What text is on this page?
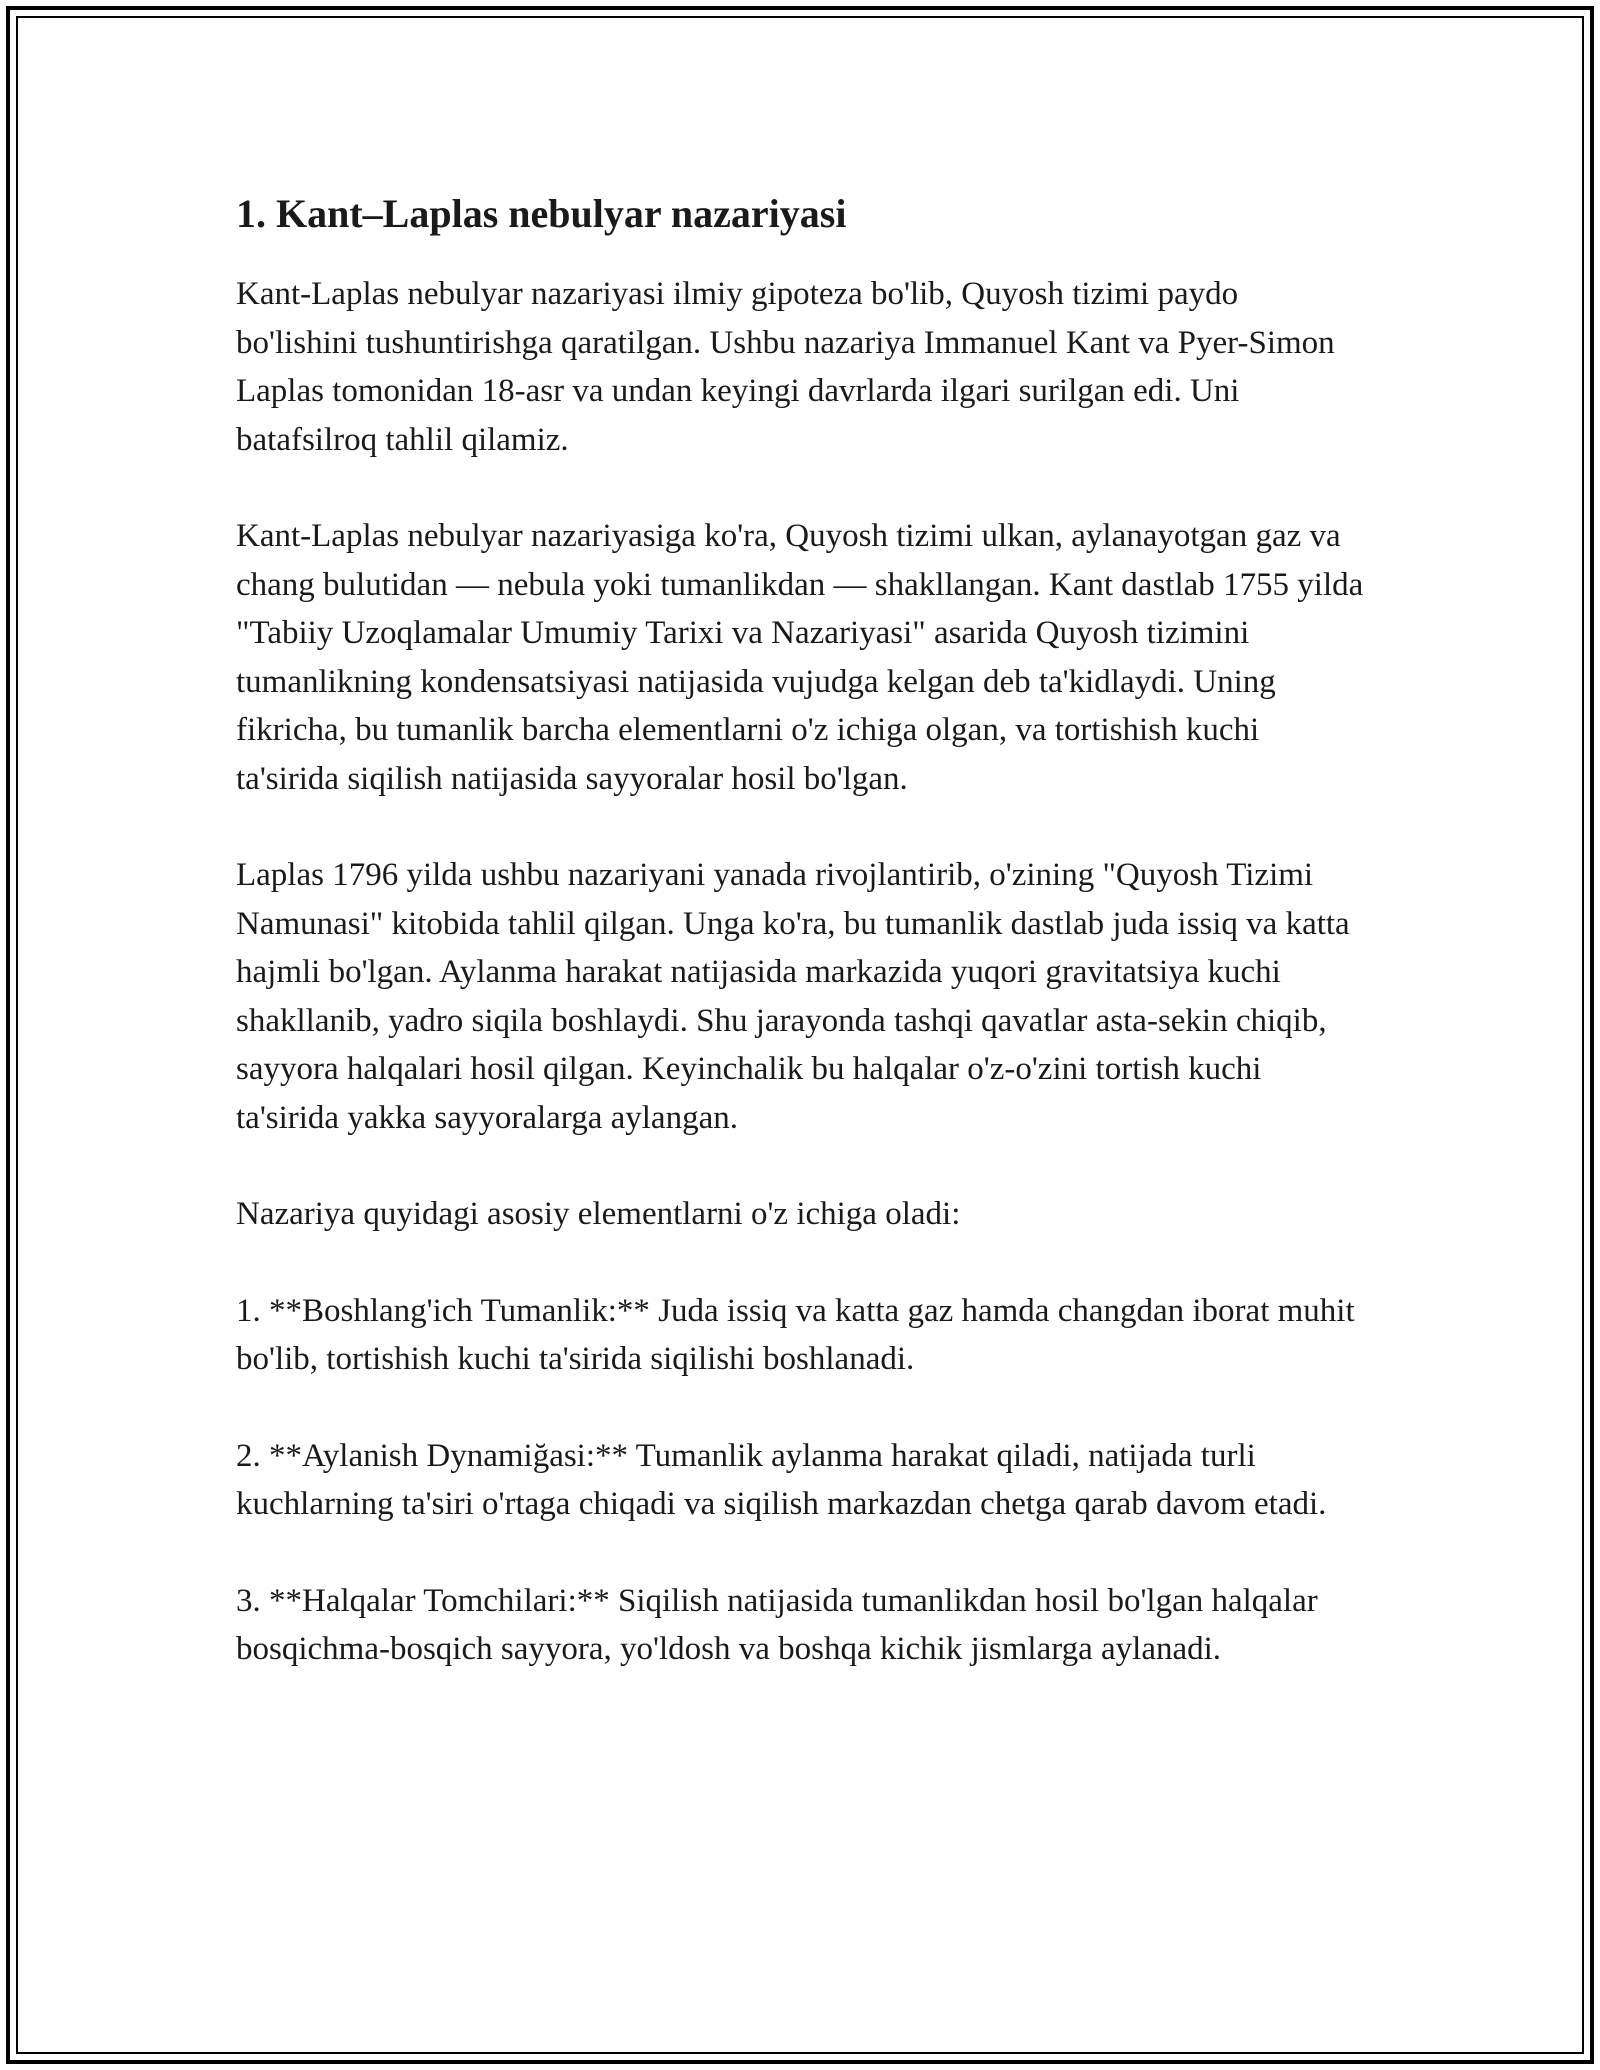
1. Kant–Laplas nebulyar nazariyasi

Kant-Laplas nebulyar nazariyasi ilmiy gipoteza bo'lib, Quyosh tizimi paydo bo'lishini tushuntirishga qaratilgan. Ushbu nazariya Immanuel Kant va Pyer-Simon Laplas tomonidan 18-asr va undan keyingi davrlarda ilgari surilgan edi. Uni batafsilroq tahlil qilamiz.

Kant-Laplas nebulyar nazariyasiga ko'ra, Quyosh tizimi ulkan, aylanayotgan gaz va chang bulutidan — nebula yoki tumanlikdan — shakllangan. Kant dastlab 1755 yilda "Tabiiy Uzoqlamalar Umumiy Tarixi va Nazariyasi" asarida Quyosh tizimini tumanlikning kondensatsiyasi natijasida vujudga kelgan deb ta'kidlaydi. Uning fikricha, bu tumanlik barcha elementlarni o'z ichiga olgan, va tortishish kuchi ta'sirida siqilish natijasida sayyoralar hosil bo'lgan.

Laplas 1796 yilda ushbu nazariyani yanada rivojlantirib, o'zining "Quyosh Tizimi Namunasi" kitobida tahlil qilgan. Unga ko'ra, bu tumanlik dastlab juda issiq va katta hajmli bo'lgan. Aylanma harakat natijasida markazida yuqori gravitatsiya kuchi shakllanib, yadro siqila boshlaydi. Shu jarayonda tashqi qavatlar asta-sekin chiqib, sayyora halqalari hosil qilgan. Keyinchalik bu halqalar o'z-o'zini tortish kuchi ta'sirida yakka sayyoralarga aylangan.

Nazariya quyidagi asosiy elementlarni o'z ichiga oladi:

1. **Boshlang'ich Tumanlik:** Juda issiq va katta gaz hamda changdan iborat muhit bo'lib, tortishish kuchi ta'sirida siqilishi boshlanadi.

2. **Aylanish Dynamiğasi:** Tumanlik aylanma harakat qiladi, natijada turli kuchlarning ta'siri o'rtaga chiqadi va siqilish markazdan chetga qarab davom etadi.

3. **Halqalar Tomchilari:** Siqilish natijasida tumanlikdan hosil bo'lgan halqalar bosqichma-bosqich sayyora, yo'ldosh va boshqa kichik jismlarga aylanadi.
